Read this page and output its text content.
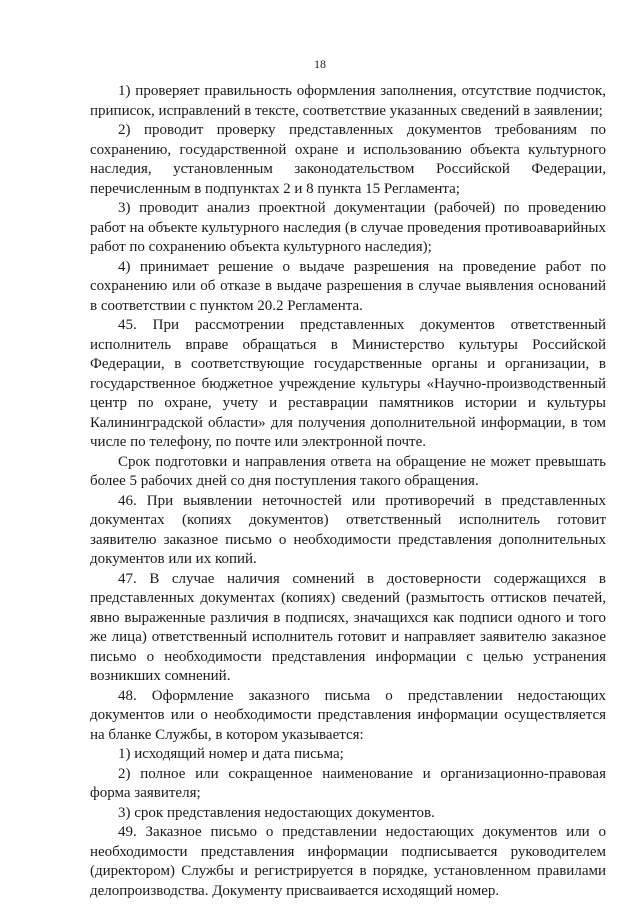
18

1) проверяет правильность оформления заполнения, отсутствие подчисток, приписок, исправлений в тексте, соответствие указанных сведений в заявлении;

2) проводит проверку представленных документов требованиям по сохранению, государственной охране и использованию объекта культурного наследия, установленным законодательством Российской Федерации, перечисленным в подпунктах 2 и 8 пункта 15 Регламента;

3) проводит анализ проектной документации (рабочей) по проведению работ на объекте культурного наследия (в случае проведения противоаварийных работ по сохранению объекта культурного наследия);

4) принимает решение о выдаче разрешения на проведение работ по сохранению или об отказе в выдаче разрешения в случае выявления оснований в соответствии с пунктом 20.2 Регламента.

45. При рассмотрении представленных документов ответственный исполнитель вправе обращаться в Министерство культуры Российской Федерации, в соответствующие государственные органы и организации, в государственное бюджетное учреждение культуры «Научно-производственный центр по охране, учету и реставрации памятников истории и культуры Калининградской области» для получения дополнительной информации, в том числе по телефону, по почте или электронной почте.

Срок подготовки и направления ответа на обращение не может превышать более 5 рабочих дней со дня поступления такого обращения.

46. При выявлении неточностей или противоречий в представленных документах (копиях документов) ответственный исполнитель готовит заявителю заказное письмо о необходимости представления дополнительных документов или их копий.

47. В случае наличия сомнений в достоверности содержащихся в представленных документах (копиях) сведений (размытость оттисков печатей, явно выраженные различия в подписях, значащихся как подписи одного и того же лица) ответственный исполнитель готовит и направляет заявителю заказное письмо о необходимости представления информации с целью устранения возникших сомнений.

48. Оформление заказного письма о представлении недостающих документов или о необходимости представления информации осуществляется на бланке Службы, в котором указывается:

1) исходящий номер и дата письма;

2) полное или сокращенное наименование и организационно-правовая форма заявителя;

3) срок представления недостающих документов.

49. Заказное письмо о представлении недостающих документов или о необходимости представления информации подписывается руководителем (директором) Службы и регистрируется в порядке, установленном правилами делопроизводства. Документу присваивается исходящий номер.
